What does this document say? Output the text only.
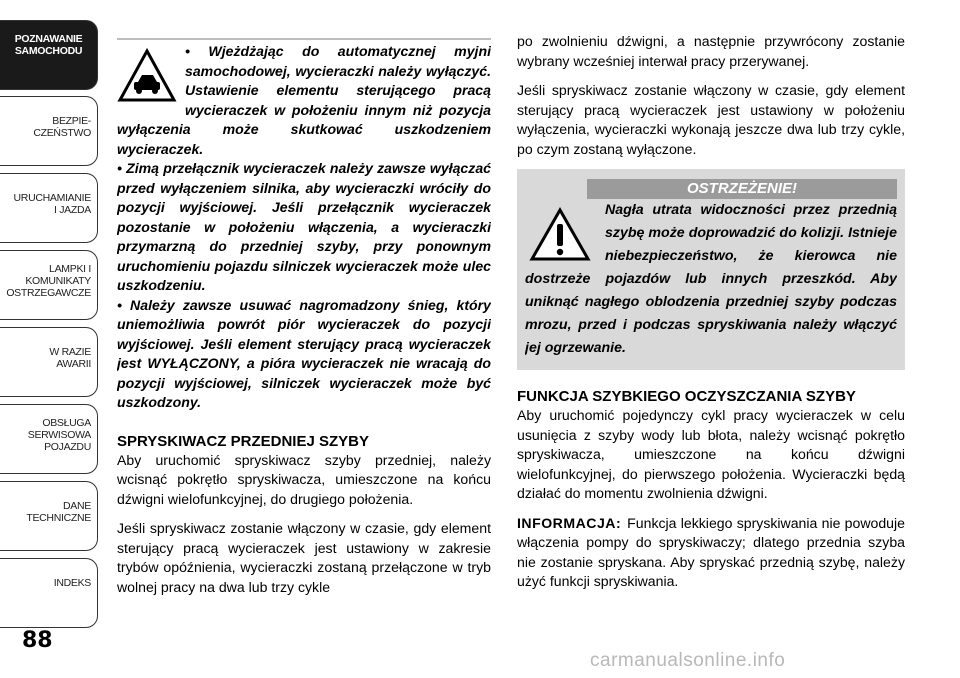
POZNAWANIE
SAMOCHODU
BEZPIE-
CZEŃSTWO
URUCHAMIANIE
I JAZDA
LAMPKI I
KOMUNIKATY
OSTRZEGAWCZE
W RAZIE
AWARII
OBSŁUGA
SERWISOWA
POJAZDU
DANE
TECHNICZNE
INDEKS
88

• Wjeżdżając do automatycznej myjni samochodowej, wycieraczki należy wyłączyć. Ustawienie elementu sterującego pracą wycieraczek w położeniu innym niż pozycja wyłączenia może skutkować uszkodzeniem wycieraczek.

• Zimą przełącznik wycieraczek należy zawsze wyłączać przed wyłączeniem silnika, aby wycieraczki wróciły do pozycji wyjściowej. Jeśli przełącznik wycieraczek pozostanie w położeniu włączenia, a wycieraczki przymarzną do przedniej szyby, przy ponownym uruchomieniu pojazdu silniczek wycieraczek może ulec uszkodzeniu.

• Należy zawsze usuwać nagromadzony śnieg, który uniemożliwia powrót piór wycieraczek do pozycji wyjściowej. Jeśli element sterujący pracą wycieraczek jest WYŁĄCZONY, a pióra wycieraczek nie wracają do pozycji wyjściowej, silniczek wycieraczek może być uszkodzony.

SPRYSKIWACZ PRZEDNIEJ SZYBY

Aby uruchomić spryskiwacz szyby przedniej, należy wcisnąć pokrętło spryskiwacza, umieszczone na końcu dźwigni wielofunkcyjnej, do drugiego położenia.

Jeśli spryskiwacz zostanie włączony w czasie, gdy element sterujący pracą wycieraczek jest ustawiony w zakresie trybów opóźnienia, wycieraczki zostaną przełączone w tryb wolnej pracy na dwa lub trzy cykle

po zwolnieniu dźwigni, a następnie przywrócony zostanie wybrany wcześniej interwał pracy przerywanej.

Jeśli spryskiwacz zostanie włączony w czasie, gdy element sterujący pracą wycieraczek jest ustawiony w położeniu wyłączenia, wycieraczki wykonają jeszcze dwa lub trzy cykle, po czym zostaną wyłączone.

OSTRZEŻENIE!
Nagła utrata widoczności przez przednią szybę może doprowadzić do kolizji. Istnieje niebezpieczeństwo, że kierowca nie dostrzeże pojazdów lub innych przeszkód. Aby uniknąć nagłego oblodzenia przedniej szyby podczas mrozu, przed i podczas spryskiwania należy włączyć jej ogrzewanie.
FUNKCJA SZYBKIEGO OCZYSZCZANIA SZYBY

Aby uruchomić pojedynczy cykl pracy wycieraczek w celu usunięcia z szyby wody lub błota, należy wcisnąć pokrętło spryskiwacza, umieszczone na końcu dźwigni wielofunkcyjnej, do pierwszego położenia. Wycieraczki będą działać do momentu zwolnienia dźwigni.

INFORMACJA: Funkcja lekkiego spryskiwania nie powoduje włączenia pompy do spryskiwaczy; dlatego przednia szyba nie zostanie spryskana. Aby spryskać przednią szybę, należy użyć funkcji spryskiwania.

carmanualsonline.info
